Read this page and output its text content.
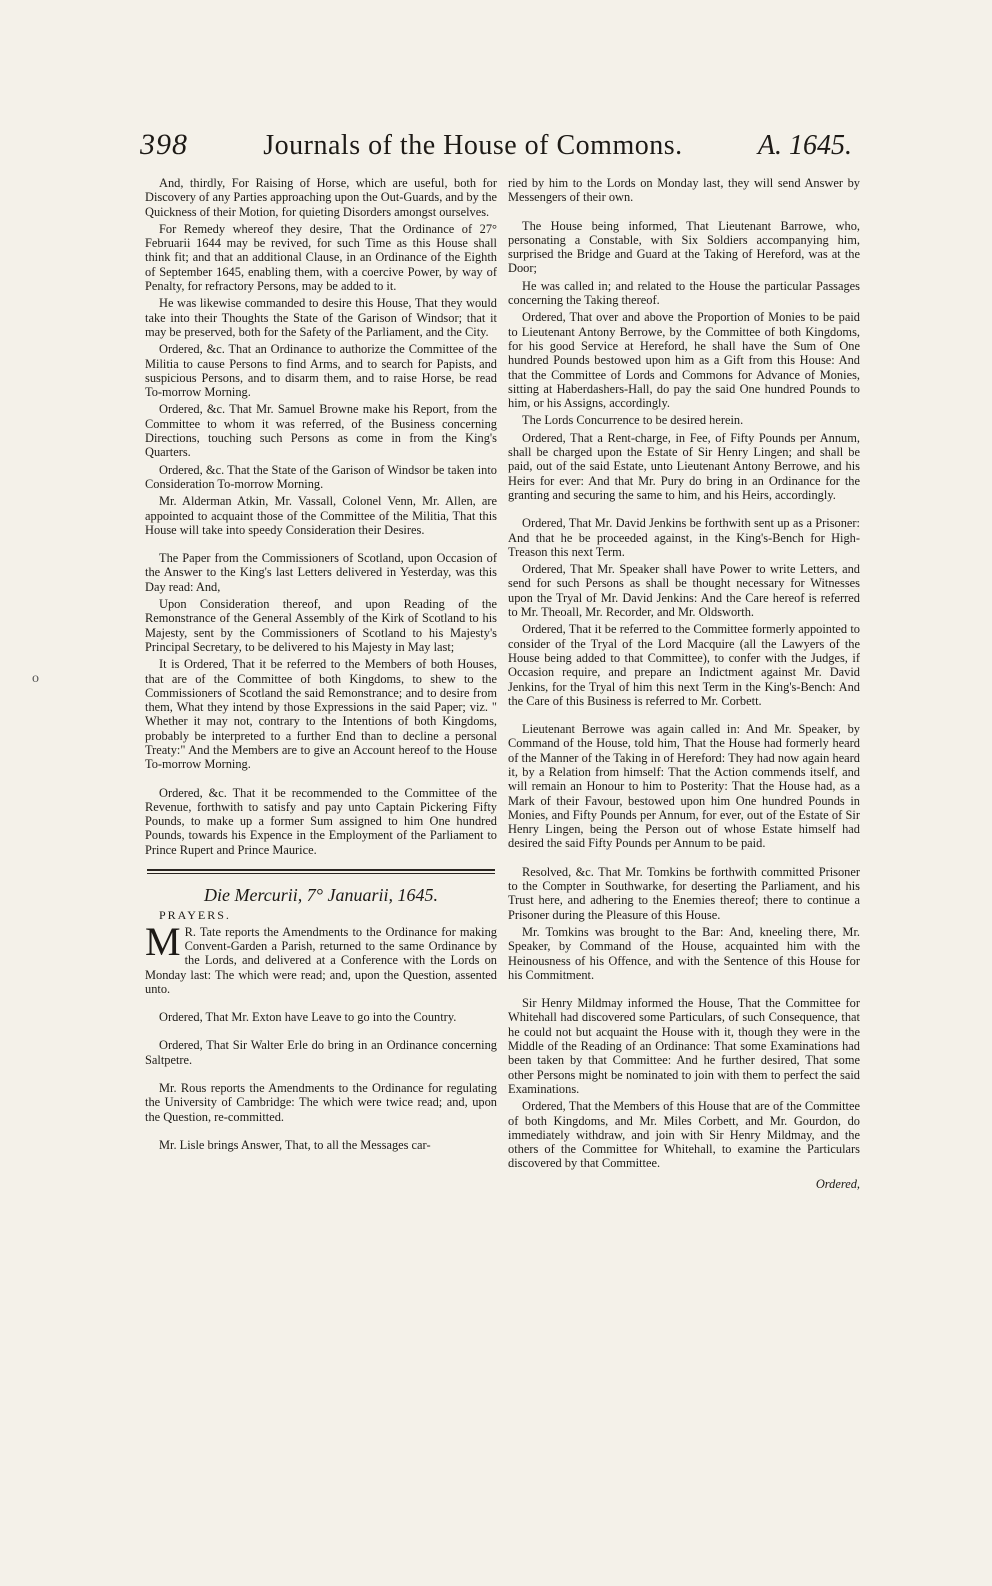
o
398	Journals of the House of Commons.	A. 1645.

And, thirdly, For Raising of Horse, which are useful, both for Discovery of any Parties approaching upon the Out-Guards, and by the Quickness of their Motion, for quieting Disorders amongst ourselves.

For Remedy whereof they desire, That the Ordinance of 27° Februarii 1644 may be revived, for such Time as this House shall think fit; and that an additional Clause, in an Ordinance of the Eighth of September 1645, enabling them, with a coercive Power, by way of Penalty, for refractory Persons, may be added to it.

He was likewise commanded to desire this House, That they would take into their Thoughts the State of the Garison of Windsor; that it may be preserved, both for the Safety of the Parliament, and the City.

Ordered, &c. That an Ordinance to authorize the Committee of the Militia to cause Persons to find Arms, and to search for Papists, and suspicious Persons, and to disarm them, and to raise Horse, be read To-morrow Morning.

Ordered, &c. That Mr. Samuel Browne make his Report, from the Committee to whom it was referred, of the Business concerning Directions, touching such Persons as come in from the King's Quarters.

Ordered, &c. That the State of the Garison of Windsor be taken into Consideration To-morrow Morning.

Mr. Alderman Atkin, Mr. Vassall, Colonel Venn, Mr. Allen, are appointed to acquaint those of the Committee of the Militia, That this House will take into speedy Consideration their Desires.

The Paper from the Commissioners of Scotland, upon Occasion of the Answer to the King's last Letters delivered in Yesterday, was this Day read: And,

Upon Consideration thereof, and upon Reading of the Remonstrance of the General Assembly of the Kirk of Scotland to his Majesty, sent by the Commissioners of Scotland to his Majesty's Principal Secretary, to be delivered to his Majesty in May last;

It is Ordered, That it be referred to the Members of both Houses, that are of the Committee of both Kingdoms, to shew to the Commissioners of Scotland the said Remonstrance; and to desire from them, What they intend by those Expressions in the said Paper; viz. " Whether it may not, contrary to the Intentions of both Kingdoms, probably be interpreted to a further End than to decline a personal Treaty:" And the Members are to give an Account hereof to the House To-morrow Morning.

Ordered, &c. That it be recommended to the Committee of the Revenue, forthwith to satisfy and pay unto Captain Pickering Fifty Pounds, to make up a former Sum assigned to him One hundred Pounds, towards his Expence in the Employment of the Parliament to Prince Rupert and Prince Maurice.

Die Mercurii, 7° Januarii, 1645.
PRAYERS.
M R. Tate reports the Amendments to the Ordinance for making Convent-Garden a Parish, returned to the same Ordinance by the Lords, and delivered at a Conference with the Lords on Monday last: The which were read; and, upon the Question, assented unto.

Ordered, That Mr. Exton have Leave to go into the Country.

Ordered, That Sir Walter Erle do bring in an Ordinance concerning Saltpetre.

Mr. Rous reports the Amendments to the Ordinance for regulating the University of Cambridge: The which were twice read; and, upon the Question, re-committed.

Mr. Lisle brings Answer, That, to all the Messages car-

ried by him to the Lords on Monday last, they will send Answer by Messengers of their own.

The House being informed, That Lieutenant Barrowe, who, personating a Constable, with Six Soldiers accompanying him, surprised the Bridge and Guard at the Taking of Hereford, was at the Door;

He was called in; and related to the House the particular Passages concerning the Taking thereof.

Ordered, That over and above the Proportion of Monies to be paid to Lieutenant Antony Berrowe, by the Committee of both Kingdoms, for his good Service at Hereford, he shall have the Sum of One hundred Pounds bestowed upon him as a Gift from this House: And that the Committee of Lords and Commons for Advance of Monies, sitting at Haberdashers-Hall, do pay the said One hundred Pounds to him, or his Assigns, accordingly.

The Lords Concurrence to be desired herein.

Ordered, That a Rent-charge, in Fee, of Fifty Pounds per Annum, shall be charged upon the Estate of Sir Henry Lingen; and shall be paid, out of the said Estate, unto Lieutenant Antony Berrowe, and his Heirs for ever: And that Mr. Pury do bring in an Ordinance for the granting and securing the same to him, and his Heirs, accordingly.

Ordered, That Mr. David Jenkins be forthwith sent up as a Prisoner: And that he be proceeded against, in the King's-Bench for High-Treason this next Term.

Ordered, That Mr. Speaker shall have Power to write Letters, and send for such Persons as shall be thought necessary for Witnesses upon the Tryal of Mr. David Jenkins: And the Care hereof is referred to Mr. Theoall, Mr. Recorder, and Mr. Oldsworth.

Ordered, That it be referred to the Committee formerly appointed to consider of the Tryal of the Lord Macquire (all the Lawyers of the House being added to that Committee), to confer with the Judges, if Occasion require, and prepare an Indictment against Mr. David Jenkins, for the Tryal of him this next Term in the King's-Bench: And the Care of this Business is referred to Mr. Corbett.

Lieutenant Berrowe was again called in: And Mr. Speaker, by Command of the House, told him, That the House had formerly heard of the Manner of the Taking in of Hereford: They had now again heard it, by a Relation from himself: That the Action commends itself, and will remain an Honour to him to Posterity: That the House had, as a Mark of their Favour, bestowed upon him One hundred Pounds in Monies, and Fifty Pounds per Annum, for ever, out of the Estate of Sir Henry Lingen, being the Person out of whose Estate himself had desired the said Fifty Pounds per Annum to be paid.

Resolved, &c. That Mr. Tomkins be forthwith committed Prisoner to the Compter in Southwarke, for deserting the Parliament, and his Trust here, and adhering to the Enemies thereof; there to continue a Prisoner during the Pleasure of this House.

Mr. Tomkins was brought to the Bar: And, kneeling there, Mr. Speaker, by Command of the House, acquainted him with the Heinousness of his Offence, and with the Sentence of this House for his Commitment.

Sir Henry Mildmay informed the House, That the Committee for Whitehall had discovered some Particulars, of such Consequence, that he could not but acquaint the House with it, though they were in the Middle of the Reading of an Ordinance: That some Examinations had been taken by that Committee: And he further desired, That some other Persons might be nominated to join with them to perfect the said Examinations.

Ordered, That the Members of this House that are of the Committee of both Kingdoms, and Mr. Miles Corbett, and Mr. Gourdon, do immediately withdraw, and join with Sir Henry Mildmay, and the others of the Committee for Whitehall, to examine the Particulars discovered by that Committee.

Ordered,
